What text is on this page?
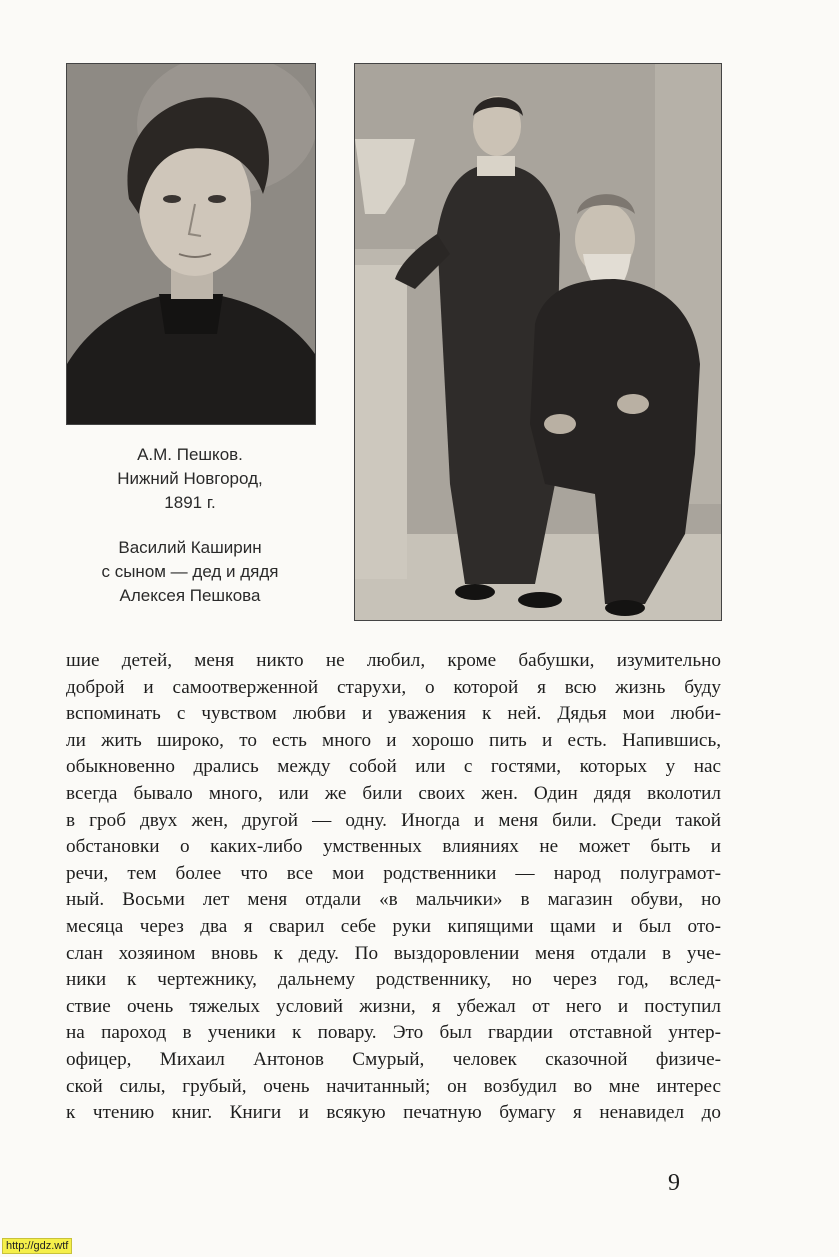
А.М. Пешков.
Нижний Новгород,
1891 г.
Василий Каширин
с сыном — дед и дядя
Алексея Пешкова
шие детей, меня никто не любил, кроме бабушки, изумительно
доброй и самоотверженной старухи, о которой я всю жизнь буду
вспоминать с чувством любви и уважения к ней. Дядья мои люби-
ли жить широко, то есть много и хорошо пить и есть. Напившись,
обыкновенно дрались между собой или с гостями, которых у нас
всегда бывало много, или же били своих жен. Один дядя вколотил
в гроб двух жен, другой — одну. Иногда и меня били. Среди такой
обстановки о каких-либо умственных влияниях не может быть и
речи, тем более что все мои родственники — народ полуграмот-
ный. Восьми лет меня отдали «в мальчики» в магазин обуви, но
месяца через два я сварил себе руки кипящими щами и был ото-
слан хозяином вновь к деду. По выздоровлении меня отдали в уче-
ники к чертежнику, дальнему родственнику, но через год, вслед-
ствие очень тяжелых условий жизни, я убежал от него и поступил
на пароход в ученики к повару. Это был гвардии отставной унтер-
офицер, Михаил Антонов Смурый, человек сказочной физиче-
ской силы, грубый, очень начитанный; он возбудил во мне интерес
к чтению книг. Книги и всякую печатную бумагу я ненавидел до
9
http://gdz.wtf
